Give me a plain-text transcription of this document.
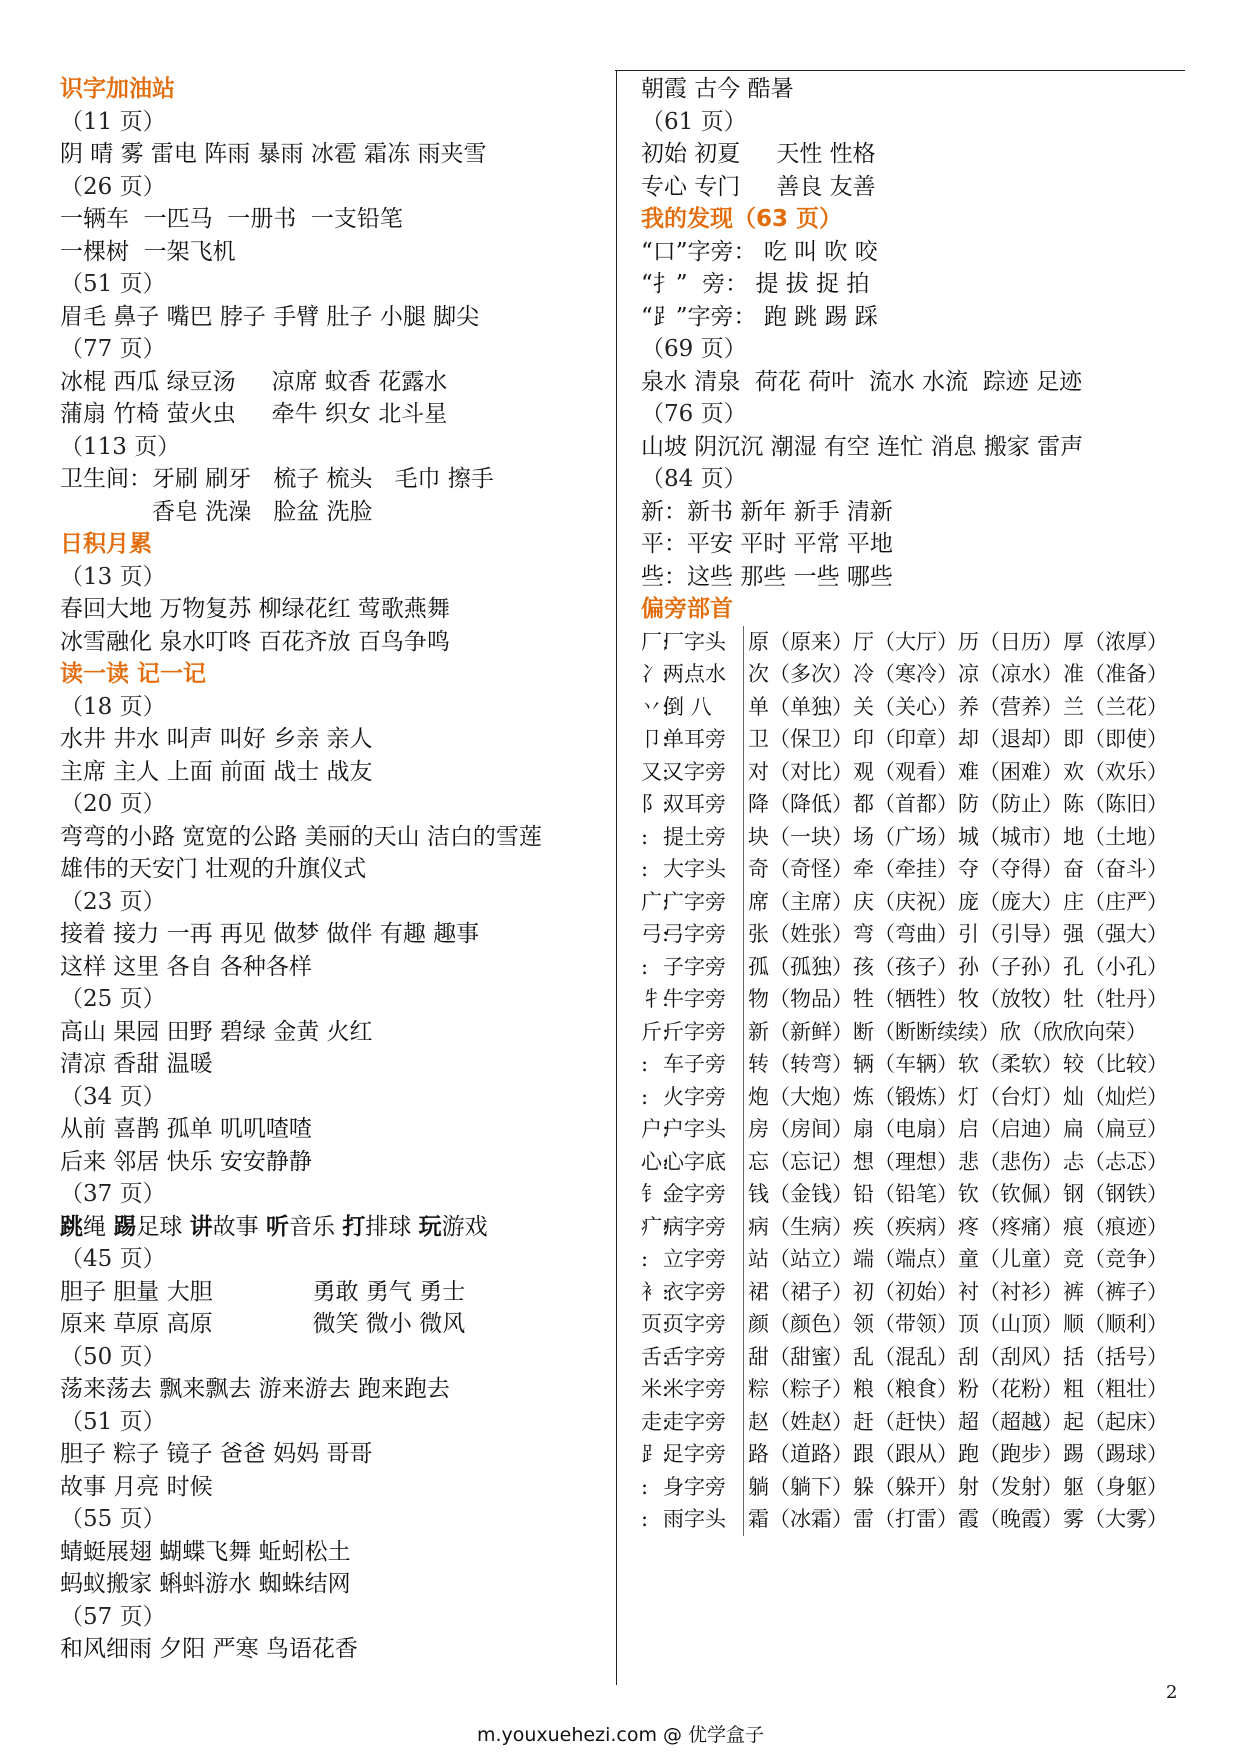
识字加油站
（11 页）
阴 晴 雾 雷电 阵雨 暴雨 冰雹 霜冻 雨夹雪
（26 页）
一辆车  一匹马  一册书  一支铅笔
一棵树  一架飞机
（51 页）
眉毛 鼻子 嘴巴 脖子 手臂 肚子 小腿 脚尖
（77 页）
冰棍 西瓜 绿豆汤 凉席 蚊香 花露水
蒲扇 竹椅 萤火虫 牵牛 织女 北斗星
（113 页）
卫生间：牙刷 刷牙   梳子 梳头   毛巾 擦手
香皂 洗澡   脸盆 洗脸
日积月累
（13 页）
春回大地 万物复苏 柳绿花红 莺歌燕舞
冰雪融化 泉水叮咚 百花齐放 百鸟争鸣
读一读 记一记
（18 页）
水井 井水 叫声 叫好 乡亲 亲人
主席 主人 上面 前面 战士 战友
（20 页）
弯弯的小路 宽宽的公路 美丽的天山 洁白的雪莲
雄伟的天安门 壮观的升旗仪式
（23 页）
接着 接力 一再 再见 做梦 做伴 有趣 趣事
这样 这里 各自 各种各样
（25 页）
高山 果园 田野 碧绿 金黄 火红
清凉 香甜 温暖
（34 页）
从前 喜鹊 孤单 叽叽喳喳
后来 邻居 快乐 安安静静
（37 页）
跳绳 踢足球 讲故事 听音乐 打排球 玩游戏
（45 页）
胆子 胆量 大胆	勇敢 勇气 勇士
原来 草原 高原	微笑 微小 微风
（50 页）
荡来荡去 飘来飘去 游来游去 跑来跑去
（51 页）
胆子 粽子 镜子 爸爸 妈妈 哥哥
故事 月亮 时候
（55 页）
蜻蜓展翅 蝴蝶飞舞 蚯蚓松土
蚂蚁搬家 蝌蚪游水 蜘蛛结网
（57 页）
和风细雨 夕阳 严寒 鸟语花香
朝霞 古今 酷暑
（61 页）
初始 初夏 天性 性格
专心 专门 善良 友善
我的发现（63 页）
“口”字旁： 吃 叫 吹 咬
“扌”  旁： 提 拔 捉 拍
“⻊”字旁： 跑 跳 踢 踩
（69 页）
泉水 清泉  荷花 荷叶  流水 水流  踪迹 足迹
（76 页）
山坡 阴沉沉 潮湿 有空 连忙 消息 搬家 雷声
（84 页）
新：新书 新年 新手 清新
平：平安 平时 平常 平地
些：这些 那些 一些 哪些
偏旁部首
厂:
厂字头	原（原来）厅（大厅）历（日历）厚（浓厚）
冫:
两点水	次（多次）冷（寒冷）凉（凉水）准（准备）
丷:
倒 八	单（单独）关（关心）养（营养）兰（兰花）
卩:
单耳旁	卫（保卫）印（印章）却（退却）即（即使）
又:
又字旁	对（对比）观（观看）难（困难）欢（欢乐）
阝:
双耳旁	降（降低）都（首都）防（防止）陈（陈旧）
: 提土旁	块（一块）场（广场）城（城市）地（土地）
: 大字头	奇（奇怪）牵（牵挂）夺（夺得）奋（奋斗）
广:
广字旁	席（主席）庆（庆祝）庞（庞大）庄（庄严）
弓:
弓字旁	张（姓张）弯（弯曲）引（引导）强（强大）
: 子字旁	孤（孤独）孩（孩子）孙（子孙）孔（小孔）
牜:
牛字旁	物（物品）牲（牺牲）牧（放牧）牡（牡丹）
斤:
斤字旁	新（新鲜）断（断断续续）欣（欣欣向荣）
: 车子旁	转（转弯）辆（车辆）软（柔软）较（比较）
: 火字旁	炮（大炮）炼（锻炼）灯（台灯）灿（灿烂）
户:
户字头	房（房间）扇（电扇）启（启迪）扁（扁豆）
心:
心字底	忘（忘记）想（理想）悲（悲伤）忐（忐忑）
钅:
金字旁	钱（金钱）铅（铅笔）钦（钦佩）钢（钢铁）
疒:
病字旁	病（生病）疾（疾病）疼（疼痛）痕（痕迹）
: 立字旁	站（站立）端（端点）童（儿童）竞（竞争）
衤:
衣字旁	裙（裙子）初（初始）衬（衬衫）裤（裤子）
页:
页字旁	颜（颜色）领（带领）顶（山顶）顺（顺利）
舌:
舌字旁	甜（甜蜜）乱（混乱）刮（刮风）括（括号）
米:
米字旁	粽（粽子）粮（粮食）粉（花粉）粗（粗壮）
走:
走字旁	赵（姓赵）赶（赶快）超（超越）起（起床）
⻊:
足字旁	路（道路）跟（跟从）跑（跑步）踢（踢球）
: 身字旁	躺（躺下）躲（躲开）射（发射）躯（身躯）
: 雨字头	霜（冰霜）雷（打雷）霞（晚霞）雾（大雾）
2
m.youxuehezi.com @ 优学盒子
